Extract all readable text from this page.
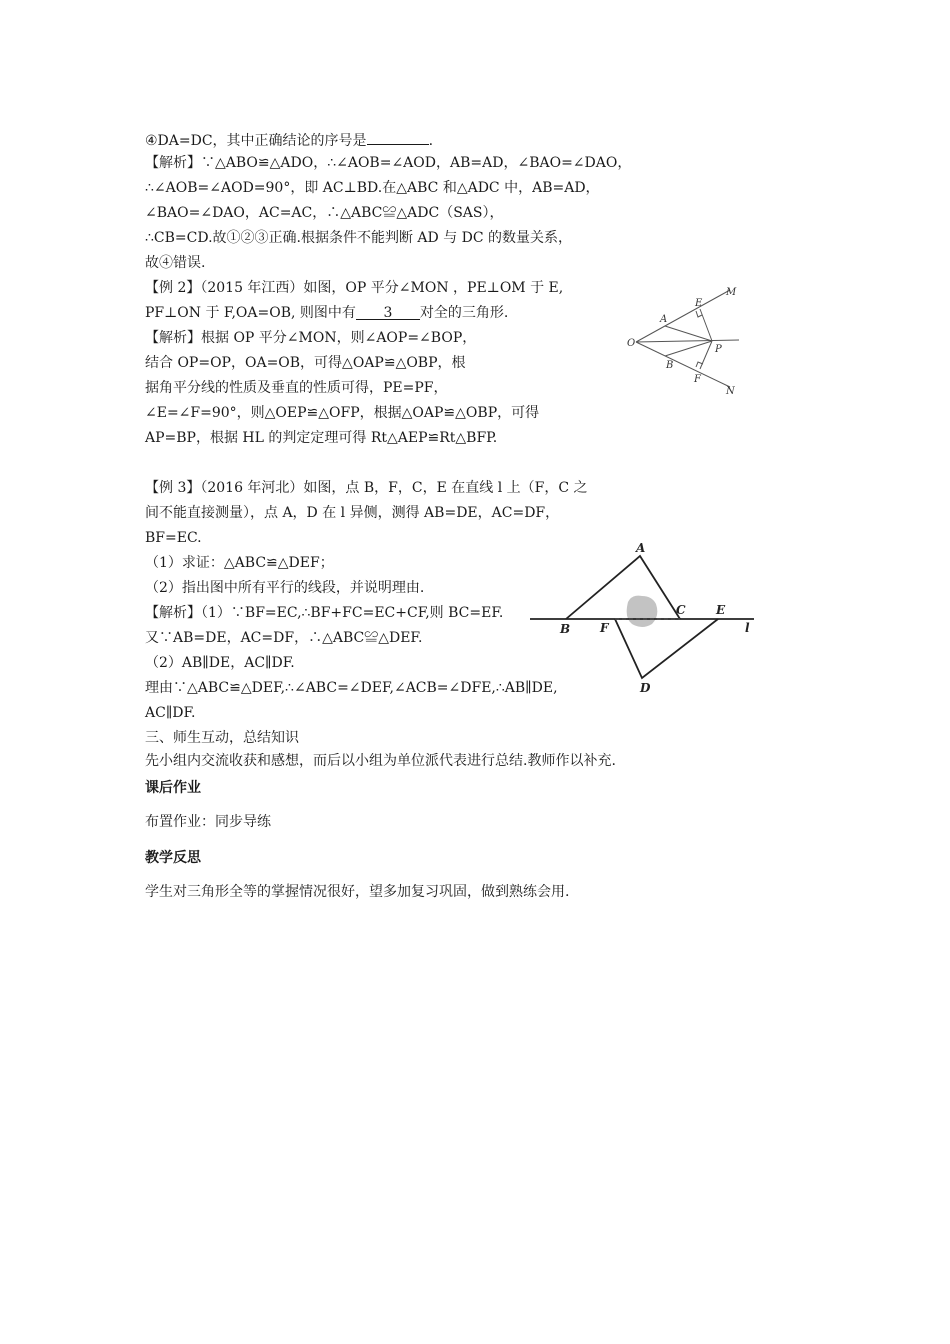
④DA=DC，其中正确结论的序号是	.
【解析】∵△ABO≌△ADO，∴∠AOB=∠AOD，AB=AD，∠BAO=∠DAO，
∴∠AOB=∠AOD=90°，即 AC⊥BD.在△ABC 和△ADC 中，AB=AD，
∠BAO=∠DAO，AC=AC，∴△ABC≌△ADC（SAS），
∴CB=CD.故①②③正确.根据条件不能判断 AD 与 DC 的数量关系，
故④错误.
【例 2】（2015 年江西）如图，OP 平分∠MON ，PE⊥OM 于 E,
PF⊥ON 于 F,OA=OB, 则图中有 3 对全的三角形.
【解析】根据 OP 平分∠MON，则∠AOP=∠BOP，
结合 OP=OP，OA=OB，可得△OAP≌△OBP，根
据角平分线的性质及垂直的性质可得，PE=PF，
∠E=∠F=90°，则△OEP≌△OFP，根据△OAP≌△OBP，可得
AP=BP，根据 HL 的判定定理可得 Rt△AEP≌Rt△BFP.
【例 3】（2016 年河北）如图，点 B，F，C，E 在直线 l 上（F，C 之
间不能直接测量），点 A，D 在 l 异侧，测得 AB=DE，AC=DF，
BF=EC.
（1）求证：△ABC≌△DEF；
（2）指出图中所有平行的线段，并说明理由.
【解析】（1）∵BF=EC,∴BF+FC=EC+CF,则 BC=EF.
又∵AB=DE，AC=DF，∴△ABC≌△DEF.
（2）AB∥DE，AC∥DF.
理由∵△ABC≌△DEF,∴∠ABC=∠DEF,∠ACB=∠DFE,∴AB∥DE,
AC∥DF.
三、师生互动，总结知识
先小组内交流收获和感想，而后以小组为单位派代表进行总结.教师作以补充.
课后作业
布置作业：同步导练
教学反思
学生对三角形全等的掌握情况很好，望多加复习巩固，做到熟练会用.
O
A
B
E
F
M
N
P
A
B
C
D
E
F	l
